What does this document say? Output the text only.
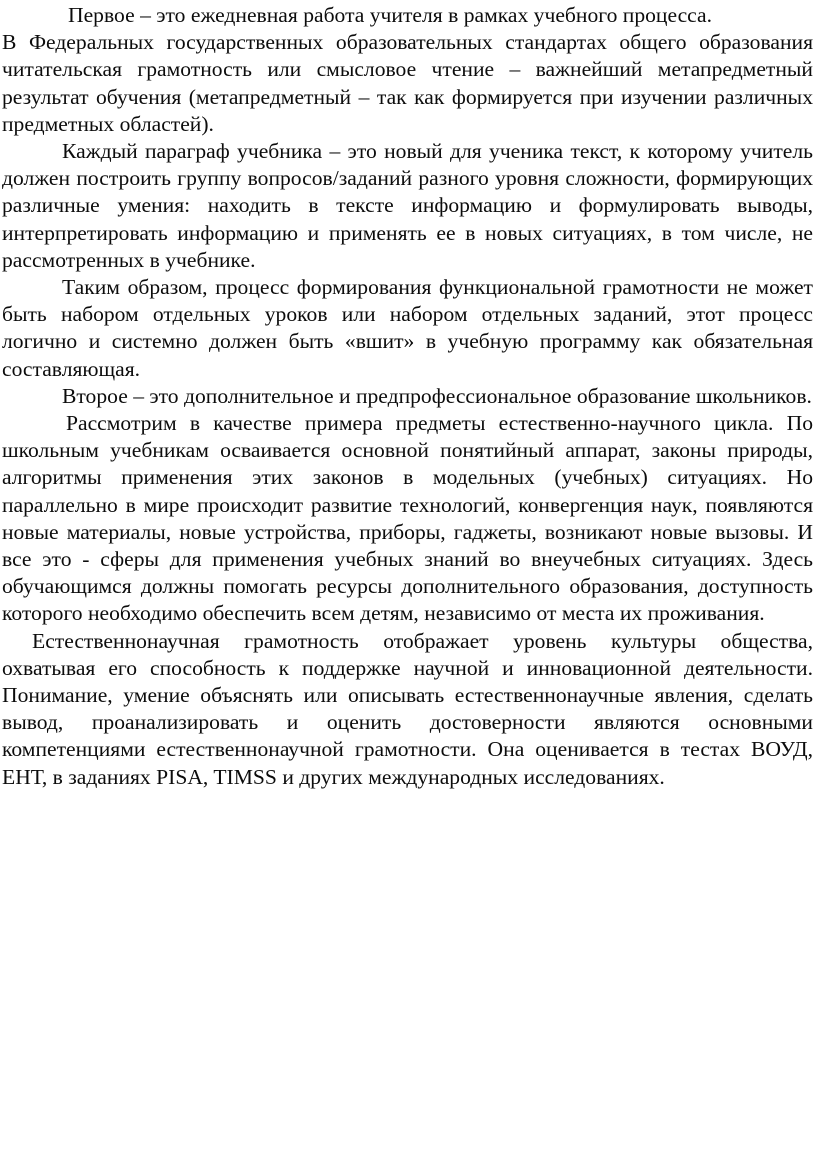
Первое – это ежедневная работа учителя в рамках учебного процесса.

В Федеральных государственных образовательных стандартах общего образования читательская грамотность или смысловое чтение – важнейший метапредметный результат обучения (метапредметный – так как формируется при изучении различных предметных областей).

Каждый параграф учебника – это новый для ученика текст, к которому учитель должен построить группу вопросов/заданий разного уровня сложности, формирующих различные умения: находить в тексте информацию и формулировать выводы, интерпретировать информацию и применять ее в новых ситуациях, в том числе, не рассмотренных в учебнике.

Таким образом, процесс формирования функциональной грамотности не может быть набором отдельных уроков или набором отдельных заданий, этот процесс логично и системно должен быть «вшит» в учебную программу как обязательная составляющая.

Второе – это дополнительное и предпрофессиональное образование школьников.

Рассмотрим в качестве примера предметы естественно-научного цикла. По школьным учебникам осваивается основной понятийный аппарат, законы природы, алгоритмы применения этих законов в модельных (учебных) ситуациях. Но параллельно в мире происходит развитие технологий, конвергенция наук, появляются новые материалы, новые устройства, приборы, гаджеты, возникают новые вызовы. И все это - сферы для применения учебных знаний во внеучебных ситуациях. Здесь обучающимся должны помогать ресурсы дополнительного образования, доступность которого необходимо обеспечить всем детям, независимо от места их проживания.

Естественнонаучная грамотность отображает уровень культуры общества, охватывая его способность к поддержке научной и инновационной деятельности. Понимание, умение объяснять или описывать естественнонаучные явления, сделать вывод, проанализировать и оценить достоверности являются основными компетенциями естественнонаучной грамотности. Она оценивается в тестах ВОУД, ЕНТ, в заданиях PISA, TIMSS и других международных исследованиях.
